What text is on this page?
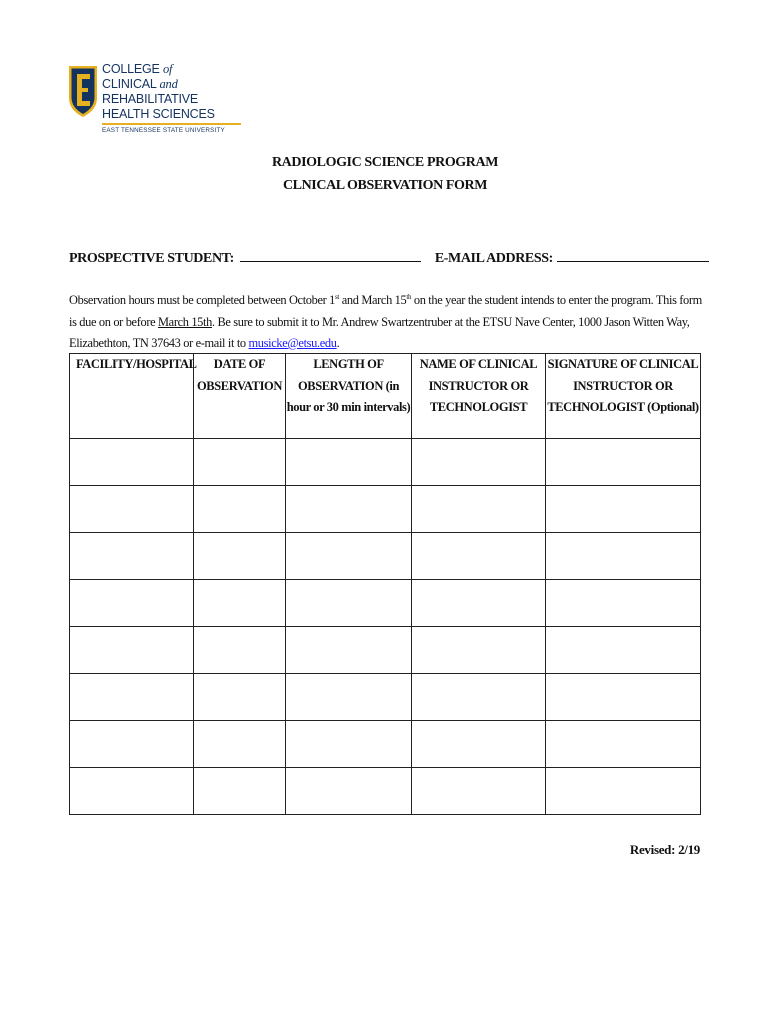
COLLEGE of
CLINICAL and REHABILITATIVE
HEALTH SCIENCES
EAST TENNESSEE STATE UNIVERSITY
RADIOLOGIC SCIENCE PROGRAM
CLNICAL OBSERVATION FORM
PROSPECTIVE STUDENT:	E-MAIL ADDRESS:
Observation hours must be completed between October 1st and March 15th on the year the student intends to enter the program. This form is due on or before March 15th. Be sure to submit it to Mr. Andrew Swartzentruber at the ETSU Nave Center, 1000 Jason Witten Way, Elizabethton, TN 37643 or e-mail it to musicke@etsu.edu.
FACILITY/HOSPITAL	DATE OF OBSERVATION	LENGTH OF OBSERVATION (in hour or 30 min intervals)	NAME OF CLINICAL INSTRUCTOR OR TECHNOLOGIST	SIGNATURE OF CLINICAL INSTRUCTOR OR TECHNOLOGIST (Optional)

Revised: 2/19
